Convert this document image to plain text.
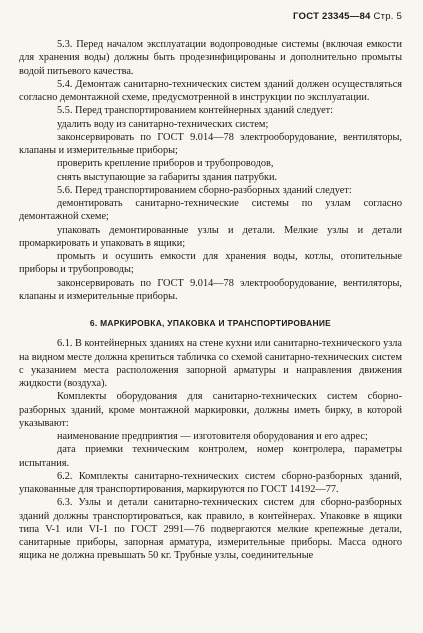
ГОСТ 23345—84 Стр. 5

5.3. Перед началом эксплуатации водопроводные системы (включая емкости для хранения воды) должны быть продезинфицированы и дополнительно промыты водой питьевого качества.

5.4. Демонтаж санитарно-технических систем зданий должен осуществляться согласно демонтажной схеме, предусмотренной в инструкции по эксплуатации.

5.5. Перед транспортированием контейнерных зданий следует:

удалить воду из санитарно-технических систем;

законсервировать по ГОСТ 9.014—78 электрооборудование, вентиляторы, клапаны и измерительные приборы;

проверить крепление приборов и трубопроводов,

снять выступающие за габариты здания патрубки.

5.6. Перед транспортированием сборно-разборных зданий следует:

демонтировать санитарно-технические системы по узлам согласно демонтажной схеме;

упаковать демонтированные узлы и детали. Мелкие узлы и детали промаркировать и упаковать в ящики;

промыть и осушить емкости для хранения воды, котлы, отопительные приборы и трубопроводы;

законсервировать по ГОСТ 9.014—78 электрооборудование, вентиляторы, клапаны и измерительные приборы.

6. МАРКИРОВКА, УПАКОВКА И ТРАНСПОРТИРОВАНИЕ

6.1. В контейнерных зданиях на стене кухни или санитарно-технического узла на видном месте должна крепиться табличка со схемой санитарно-технических систем с указанием места расположения запорной арматуры и направления движения жидкости (воздуха).

Комплекты оборудования для санитарно-технических систем сборно-разборных зданий, кроме монтажной маркировки, должны иметь бирку, в которой указывают:

наименование предприятия — изготовителя оборудования и его адрес;

дата приемки техническим контролем, номер контролера, параметры испытания.

6.2. Комплекты санитарно-технических систем сборно-разборных зданий, упакованные для транспортирования, маркируются по ГОСТ 14192—77.

6.3. Узлы и детали санитарно-технических систем для сборно-разборных зданий должны транспортироваться, как правило, в контейнерах. Упаковке в ящики типа V-1 или VI-1 по ГОСТ 2991—76 подвергаются мелкие крепежные детали, санитарные приборы, запорная арматура, измерительные приборы. Масса одного ящика не должна превышать 50 кг. Трубные узлы, соединительные
